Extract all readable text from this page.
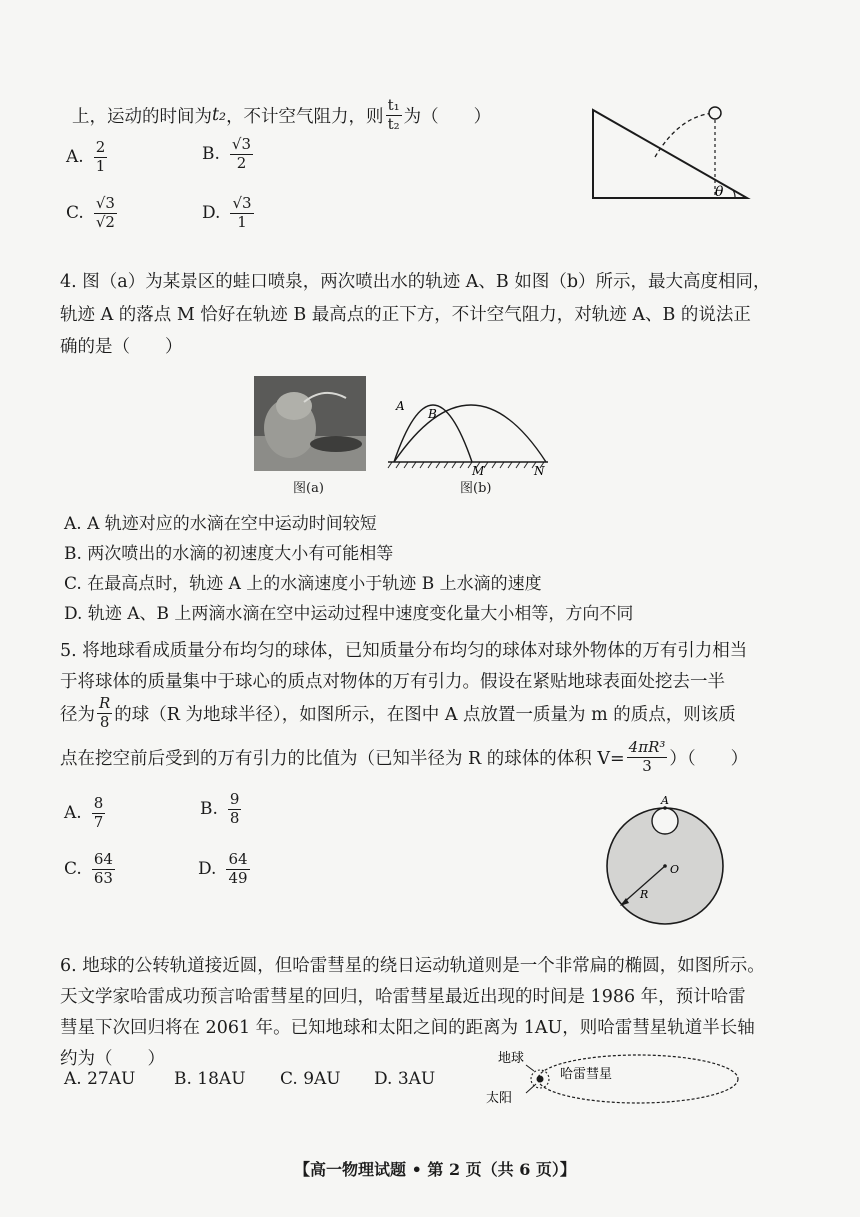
上，运动的时间为 t₂ ，不计空气阻力，则 $\frac{\text{t₁}}{\text{t₂}}$ 为（　　）
A. $\frac{2}{1}$	B. $\frac{√3}{2}$
C. $\frac{√3}{√2}$	D. $\frac{√3}{1}$
θ
4. 图（a）为某景区的蛙口喷泉，两次喷出水的轨迹 A、B 如图（b）所示，最大高度相同，
轨迹 A 的落点 M 恰好在轨迹 B 最高点的正下方，不计空气阻力，对轨迹 A、B 的说法正
确的是（　　）
图(a)
A
B
M	N
图(b)
A. A 轨迹对应的水滴在空中运动时间较短
B. 两次喷出的水滴的初速度大小有可能相等
C. 在最高点时，轨迹 A 上的水滴速度小于轨迹 B 上水滴的速度
D. 轨迹 A、B 上两滴水滴在空中运动过程中速度变化量大小相等，方向不同
5. 将地球看成质量分布均匀的球体，已知质量分布均匀的球体对球外物体的万有引力相当
于将球体的质量集中于球心的质点对物体的万有引力。假设在紧贴地球表面处挖去一半
径为 $\frac{R}{8}$ 的球（R 为地球半径），如图所示，在图中 A 点放置一质量为 m 的质点，则该质
点在挖空前后受到的万有引力的比值为（已知半径为 R 的球体的体积 $V= \frac{\text{4πR³}}{3}$ ）（　　）
A. $\frac{8}{7}$	B. $\frac{9}{8}$
C. $\frac{64}{63}$	D. $\frac{64}{49}$
A
O
R
6. 地球的公转轨道接近圆，但哈雷彗星的绕日运动轨道则是一个非常扁的椭圆，如图所示。
天文学家哈雷成功预言哈雷彗星的回归，哈雷彗星最近出现的时间是 1986 年，预计哈雷
彗星下次回归将在 2061 年。已知地球和太阳之间的距离为 1AU，则哈雷彗星轨道半长轴
约为（　　）
A. 27AU B. 18AU C. 9AU D. 3AU
地球
哈雷彗星
太阳
【高一物理试题 • 第 2 页（共 6 页）】
